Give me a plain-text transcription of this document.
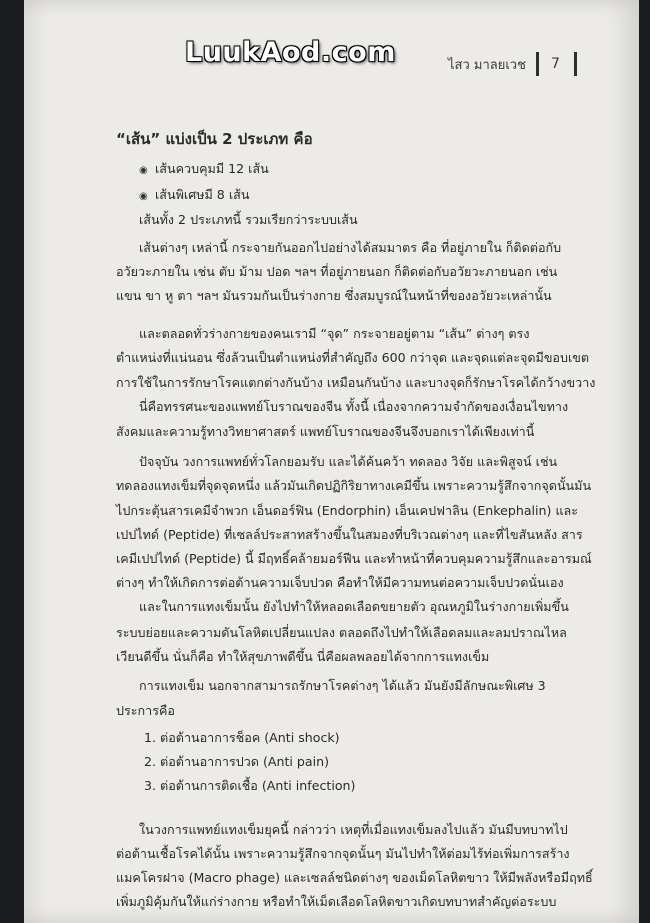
LuukAod.com	ไสว มาลยเวช 7
“เส้น” แบ่งเป็น 2 ประเภท คือ
◉ เส้นควบคุมมี 12 เส้น
◉ เส้นพิเศษมี 8 เส้น
เส้นทั้ง 2 ประเภทนี้ รวมเรียกว่าระบบเส้น
เส้นต่างๆ เหล่านี้ กระจายกันออกไปอย่างได้สมมาตร คือ ที่อยู่ภายใน ก็ติดต่อกับ
อวัยวะภายใน เช่น ตับ ม้าม ปอด ฯลฯ ที่อยู่ภายนอก ก็ติดต่อกับอวัยวะภายนอก เช่น
แขน ขา หู ตา ฯลฯ มันรวมกันเป็นร่างกาย ซึ่งสมบูรณ์ในหน้าที่ของอวัยวะเหล่านั้น
และตลอดทั่วร่างกายของคนเรามี “จุด” กระจายอยู่ตาม “เส้น” ต่างๆ ตรง
ตำแหน่งที่แน่นอน ซึ่งล้วนเป็นตำแหน่งที่สำคัญถึง 600 กว่าจุด และจุดแต่ละจุดมีขอบเขต
การใช้ในการรักษาโรคแตกต่างกันบ้าง เหมือนกันบ้าง และบางจุดก็รักษาโรคได้กว้างขวาง
นี่คือทรรศนะของแพทย์โบราณของจีน ทั้งนี้ เนื่องจากความจำกัดของเงื่อนไขทาง
สังคมและความรู้ทางวิทยาศาสตร์ แพทย์โบราณของจีนจึงบอกเราได้เพียงเท่านี้
ปัจจุบัน วงการแพทย์ทั่วโลกยอมรับ และได้ค้นคว้า ทดลอง วิจัย และพิสูจน์ เช่น
ทดลองแทงเข็มที่จุดจุดหนึ่ง แล้วมันเกิดปฏิกิริยาทางเคมีขึ้น เพราะความรู้สึกจากจุดนั้นมัน
ไปกระตุ้นสารเคมีจำพวก เอ็นดอร์ฟิน (Endorphin) เอ็นเคปฟาลิน (Enkephalin) และ
เปปไทด์ (Peptide) ที่เซลล์ประสาทสร้างขึ้นในสมองที่บริเวณต่างๆ และที่ไขสันหลัง สาร
เคมีเปปไทด์ (Peptide) นี้ มีฤทธิ์คล้ายมอร์ฟีน และทำหน้าที่ควบคุมความรู้สึกและอารมณ์
ต่างๆ ทำให้เกิดการต่อต้านความเจ็บปวด คือทำให้มีความทนต่อความเจ็บปวดนั่นเอง
และในการแทงเข็มนั้น ยังไปทำให้หลอดเลือดขยายตัว อุณหภูมิในร่างกายเพิ่มขึ้น
ระบบย่อยและความดันโลหิตเปลี่ยนแปลง ตลอดถึงไปทำให้เลือดลมและลมปราณไหล
เวียนดีขึ้น นั่นก็คือ ทำให้สุขภาพดีขึ้น นี่คือผลพลอยได้จากการแทงเข็ม
การแทงเข็ม นอกจากสามารถรักษาโรคต่างๆ ได้แล้ว มันยังมีลักษณะพิเศษ 3
ประการคือ
1. ต่อต้านอาการช็อค (Anti shock)
2. ต่อต้านอาการปวด (Anti pain)
3. ต่อต้านการติดเชื้อ (Anti infection)
ในวงการแพทย์แทงเข็มยุคนี้ กล่าวว่า เหตุที่เมื่อแทงเข็มลงไปแล้ว มันมีบทบาทไป
ต่อต้านเชื้อโรคได้นั้น เพราะความรู้สึกจากจุดนั้นๆ มันไปทำให้ต่อมไร้ท่อเพิ่มการสร้าง
แมคโครฝาจ (Macro phage) และเซลล์ชนิดต่างๆ ของเม็ดโลหิตขาว ให้มีพลังหรือมีฤทธิ์
เพิ่มภูมิคุ้มกันให้แก่ร่างกาย หรือทำให้เม็ดเลือดโลหิตขาวเกิดบทบาทสำคัญต่อระบบ
